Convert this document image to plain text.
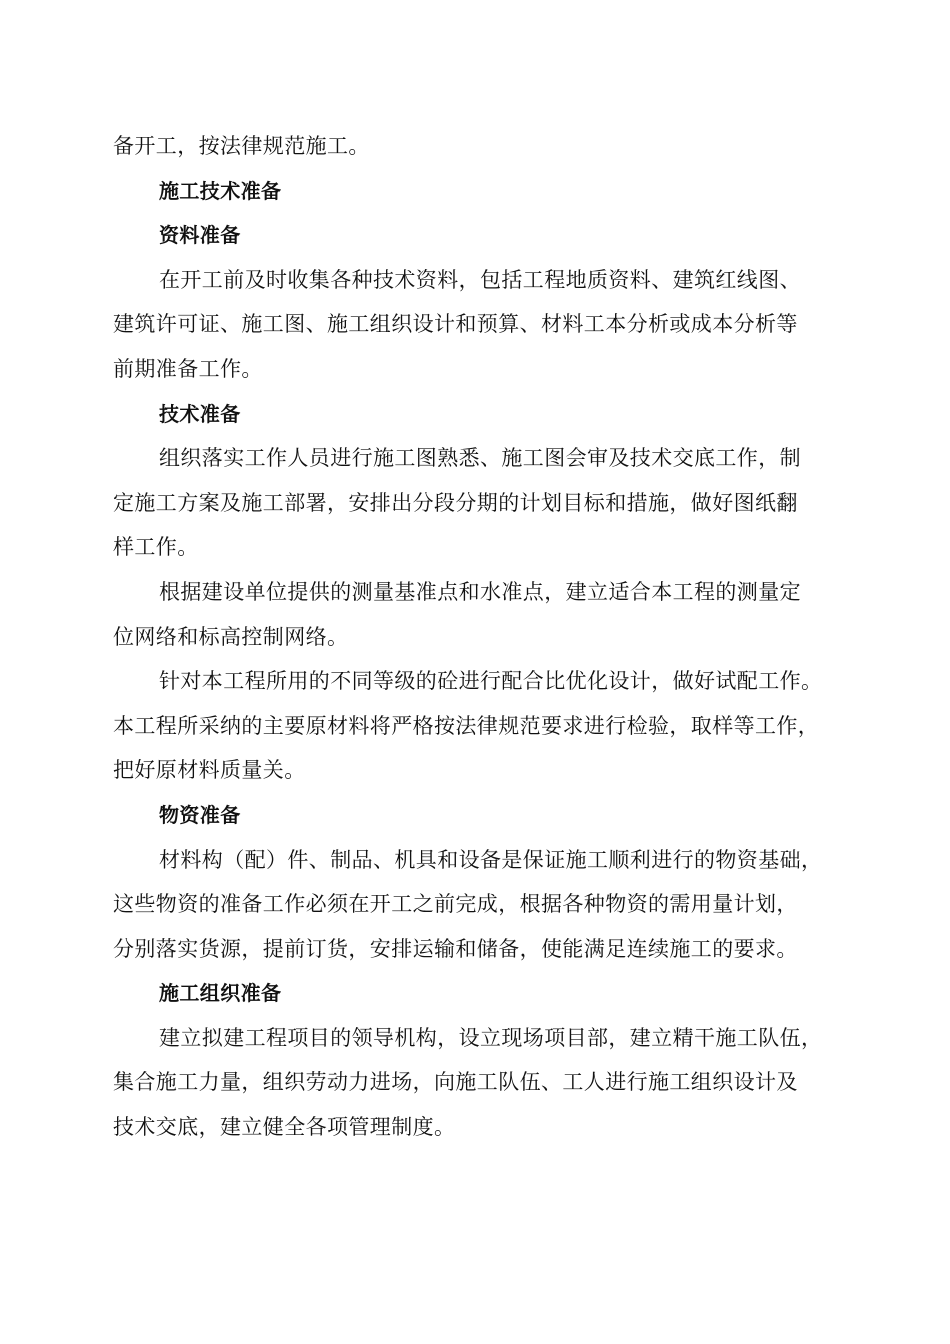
备开工，按法律规范施工。
施工技术准备
资料准备
在开工前及时收集各种技术资料，包括工程地质资料、建筑红线图、
建筑许可证、施工图、施工组织设计和预算、材料工本分析或成本分析等
前期准备工作。
技术准备
组织落实工作人员进行施工图熟悉、施工图会审及技术交底工作，制
定施工方案及施工部署，安排出分段分期的计划目标和措施，做好图纸翻
样工作。
根据建设单位提供的测量基准点和水准点，建立适合本工程的测量定
位网络和标高控制网络。
针对本工程所用的不同等级的砼进行配合比优化设计，做好试配工作。
本工程所采纳的主要原材料将严格按法律规范要求进行检验，取样等工作，
把好原材料质量关。
物资准备
材料构（配）件、制品、机具和设备是保证施工顺利进行的物资基础，
这些物资的准备工作必须在开工之前完成，根据各种物资的需用量计划，
分别落实货源，提前订货，安排运输和储备，使能满足连续施工的要求。
施工组织准备
建立拟建工程项目的领导机构，设立现场项目部，建立精干施工队伍，
集合施工力量，组织劳动力进场，向施工队伍、工人进行施工组织设计及
技术交底，建立健全各项管理制度。
